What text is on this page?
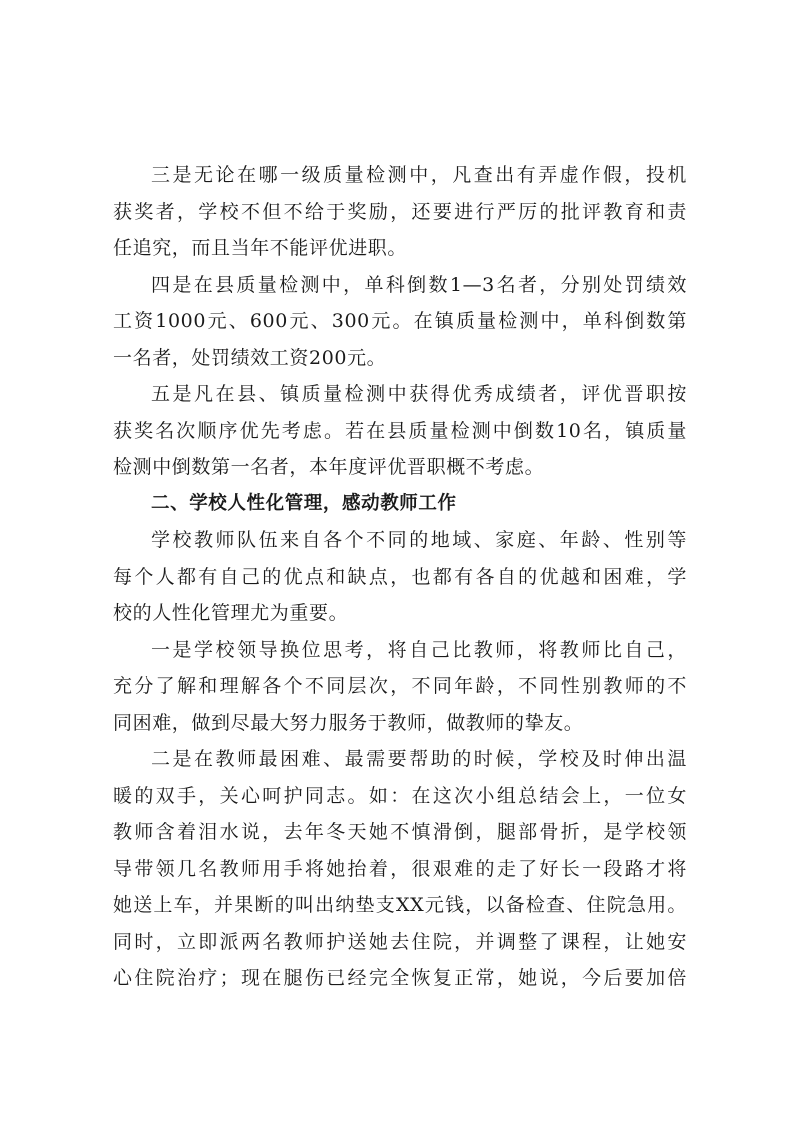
三是无论在哪一级质量检测中，凡查出有弄虚作假，投机
获奖者，学校不但不给于奖励，还要进行严厉的批评教育和责
任追究，而且当年不能评优进职。
四是在县质量检测中，单科倒数1—3名者，分别处罚绩效
工资1000元、600元、300元。在镇质量检测中，单科倒数第
一名者，处罚绩效工资200元。
五是凡在县、镇质量检测中获得优秀成绩者，评优晋职按
获奖名次顺序优先考虑。若在县质量检测中倒数10名，镇质量
检测中倒数第一名者，本年度评优晋职概不考虑。
二、学校人性化管理，感动教师工作
学校教师队伍来自各个不同的地域、家庭、年龄、性别等
每个人都有自己的优点和缺点，也都有各自的优越和困难，学
校的人性化管理尤为重要。
一是学校领导换位思考，将自己比教师，将教师比自己，
充分了解和理解各个不同层次，不同年龄，不同性别教师的不
同困难，做到尽最大努力服务于教师，做教师的挚友。
二是在教师最困难、最需要帮助的时候，学校及时伸出温
暖的双手，关心呵护同志。如：在这次小组总结会上，一位女
教师含着泪水说，去年冬天她不慎滑倒，腿部骨折，是学校领
导带领几名教师用手将她抬着，很艰难的走了好长一段路才将
她送上车，并果断的叫出纳垫支XX元钱，以备检查、住院急用。
同时，立即派两名教师护送她去住院，并调整了课程，让她安
心住院治疗；现在腿伤已经完全恢复正常，她说，今后要加倍
